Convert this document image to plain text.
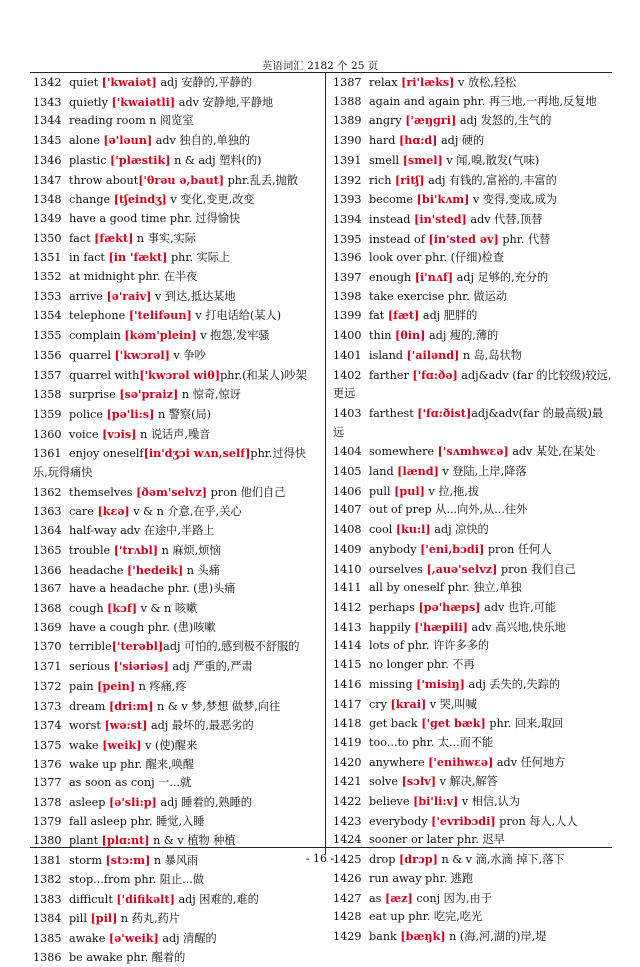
英语词汇 2182 个 25 页
1342 quiet ['kwaiət] adj 安静的,平静的
1343 quietly ['kwaiətli] adv 安静地,平静地
1344 reading room n 阅览室
1345 alone [ə'ləun] adv 独自的,单独的
1346 plastic ['plæstik] n & adj 塑料(的)
1347 throw about['θrəu ə,baut] phr.乱丢,抛散
1348 change [tʃeindʒ] v 变化,变更,改变
1349 have a good time phr. 过得愉快
1350 fact [fækt] n 事实,实际
1351 in fact [in 'fækt] phr. 实际上
1352 at midnight phr. 在半夜
1353 arrive [ə'raiv] v 到达,抵达某地
1354 telephone ['telifəun] v 打电话给(某人)
1355 complain [kəm'plein] v 抱怨,发牢骚
1356 quarrel ['kwɔrəl] v 争吵
1357 quarrel with['kwɔrəl wiθ]phr.(和某人)吵架
1358 surprise [sə'praiz] n 惊奇,惊讶
1359 police [pə'li:s] n 警察(局)
1360 voice [vɔis] n 说话声,噪音
1361 enjoy oneself[in'dʒɔi wʌn,self]phr.过得快乐,玩得痛快
1362 themselves [ðəm'selvz] pron 他们自己
1363 care [kɛə] v & n 介意,在乎,关心
1364 half-way adv 在途中,半路上
1365 trouble ['trʌbl] n 麻烦,烦恼
1366 headache ['hedeik] n 头痛
1367 have a headache phr. (患)头痛
1368 cough [kɔf] v & n 咳嗽
1369 have a cough phr. (患)咳嗽
1370 terrible['terəbl]adj 可怕的,感到极不舒服的
1371 serious ['siəriəs] adj 严重的,严肃
1372 pain [pein] n 疼痛,疼
1373 dream [dri:m] n & v 梦,梦想 做梦,向往
1374 worst [wə:st] adj 最坏的,最恶劣的
1375 wake [weik] v (使)醒来
1376 wake up phr. 醒来,唤醒
1377 as soon as conj 一...就
1378 asleep [ə'sli:p] adj 睡着的,熟睡的
1379 fall asleep phr. 睡觉,入睡
1380 plant [plɑ:nt] n & v 植物 种植
1381 storm [stɔ:m] n 暴风雨
1382 stop...from phr. 阻止...做
1383 difficult ['difikəlt] adj 困难的,难的
1384 pill [pil] n 药丸,药片
1385 awake [ə'weik] adj 清醒的
1386 be awake phr. 醒着的
1387 relax [ri'læks] v 放松,轻松
1388 again and again phr. 再三地,一再地,反复地
1389 angry ['æŋgri] adj 发怒的,生气的
1390 hard [hɑ:d] adj 硬的
1391 smell [smel] v 闻,嗅,散发(气味)
1392 rich [ritʃ] adj 有钱的,富裕的,丰富的
1393 become [bi'kʌm] v 变得,变成,成为
1394 instead [in'sted] adv 代替,顶替
1395 instead of [in'sted əv] phr. 代替
1396 look over phr. (仔细)检查
1397 enough [i'nʌf] adj 足够的,充分的
1398 take exercise phr. 做运动
1399 fat [fæt] adj 肥胖的
1400 thin [θin] adj 瘦的,薄的
1401 island ['ailənd] n 岛,岛状物
1402 farther ['fɑ:ðə] adj&adv (far 的比较级)较远,更远
1403 farthest ['fɑ:ðist]adj&adv(far 的最高级)最远
1404 somewhere ['sʌmhwɛə] adv 某处,在某处
1405 land [lænd] v 登陆,上岸,降落
1406 pull [pul] v 拉,拖,拔
1407 out of prep 从...向外,从...往外
1408 cool [ku:l] adj 凉快的
1409 anybody ['eni,bɔdi] pron 任何人
1410 ourselves [,auə'selvz] pron 我们自己
1411 all by oneself phr. 独立,单独
1412 perhaps [pə'hæps] adv 也许,可能
1413 happily ['hæpili] adv 高兴地,快乐地
1414 lots of phr. 许许多多的
1415 no longer phr. 不再
1416 missing ['misiŋ] adj 丢失的,失踪的
1417 cry [krai] v 哭,叫喊
1418 get back ['get bæk] phr. 回来,取回
1419 too...to phr. 太...而不能
1420 anywhere ['enihwɛə] adv 任何地方
1421 solve [sɔlv] v 解决,解答
1422 believe [bi'li:v] v 相信,认为
1423 everybody ['evribɔdi] pron 每人,人人
1424 sooner or later phr. 迟早
1425 drop [drɔp] n & v 滴,水滴 掉下,落下
1426 run away phr. 逃跑
1427 as [æz] conj 因为,由于
1428 eat up phr. 吃完,吃光
1429 bank [bæŋk] n (海,河,湖的)岸,堤
- 16 -
